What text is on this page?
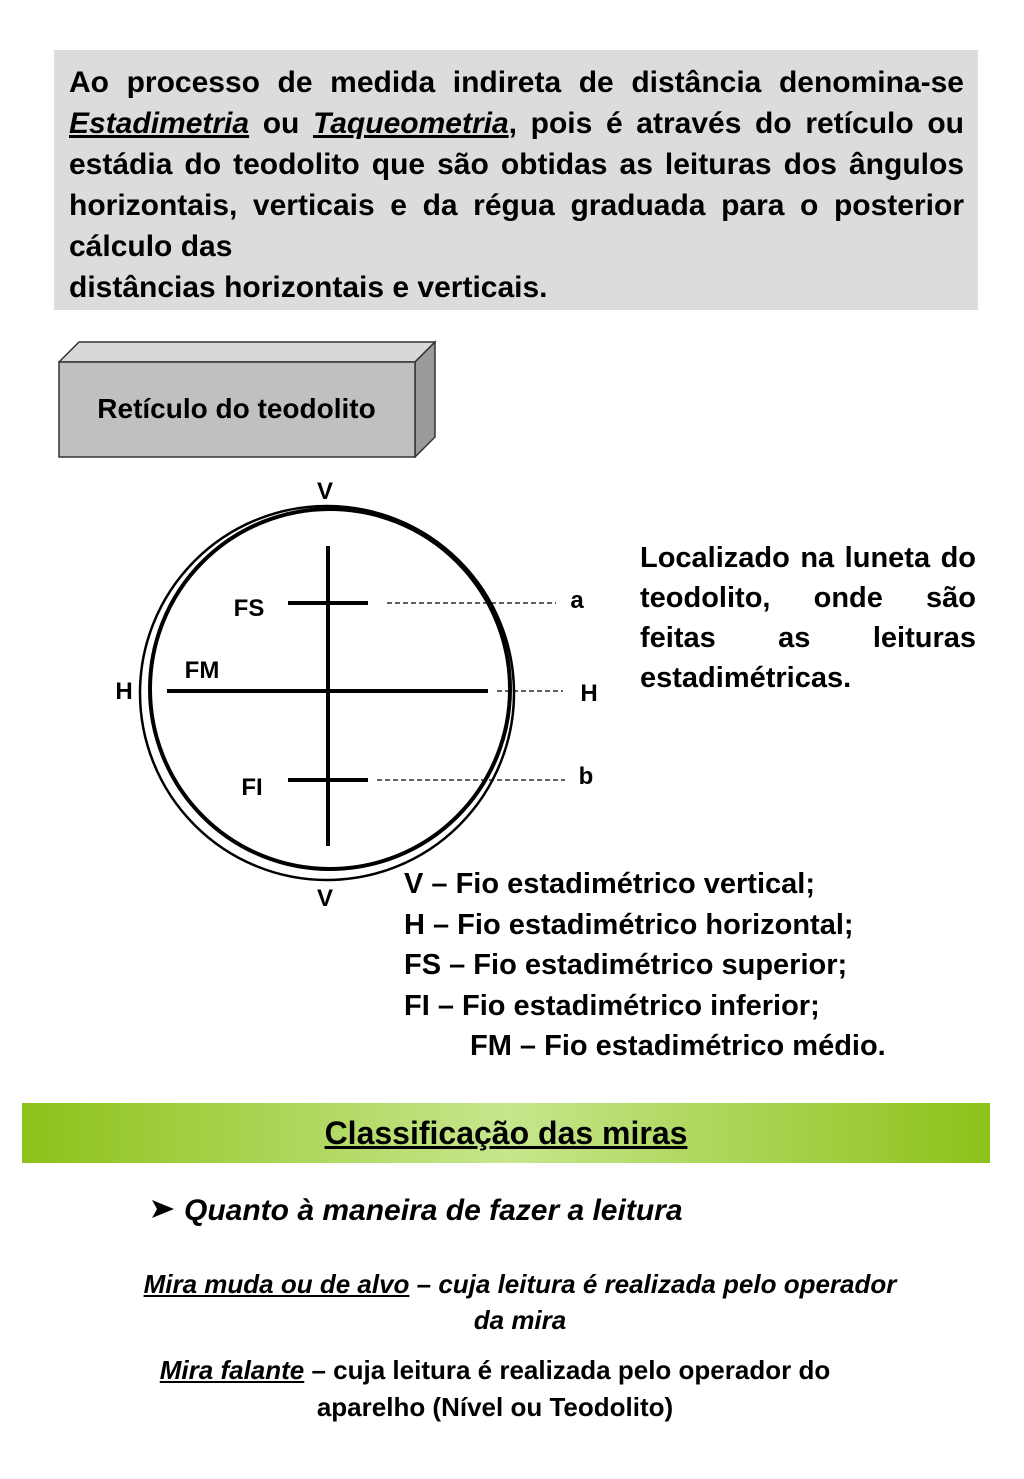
Ao processo de medida indireta de distância denomina-se Estadimetria ou Taqueometria, pois é através do retículo ou estádia do teodolito que são obtidas as leituras dos ângulos horizontais, verticais e da régua graduada para o posterior cálculo das
distâncias horizontais e verticais.
Retículo do teodolito
V
V
H	H
FS
FM
FI
a
b
Localizado na luneta do teodolito, onde são feitas as leituras estadimétricas.
V – Fio estadimétrico vertical;
H – Fio estadimétrico horizontal;
FS – Fio estadimétrico superior;
FI – Fio estadimétrico inferior;
FM – Fio estadimétrico médio.
Classificação das miras
Quanto à maneira de fazer a leitura
Mira muda ou de alvo – cuja leitura é realizada pelo operador
da mira
Mira falante – cuja leitura é realizada pelo operador do
aparelho (Nível ou Teodolito)
